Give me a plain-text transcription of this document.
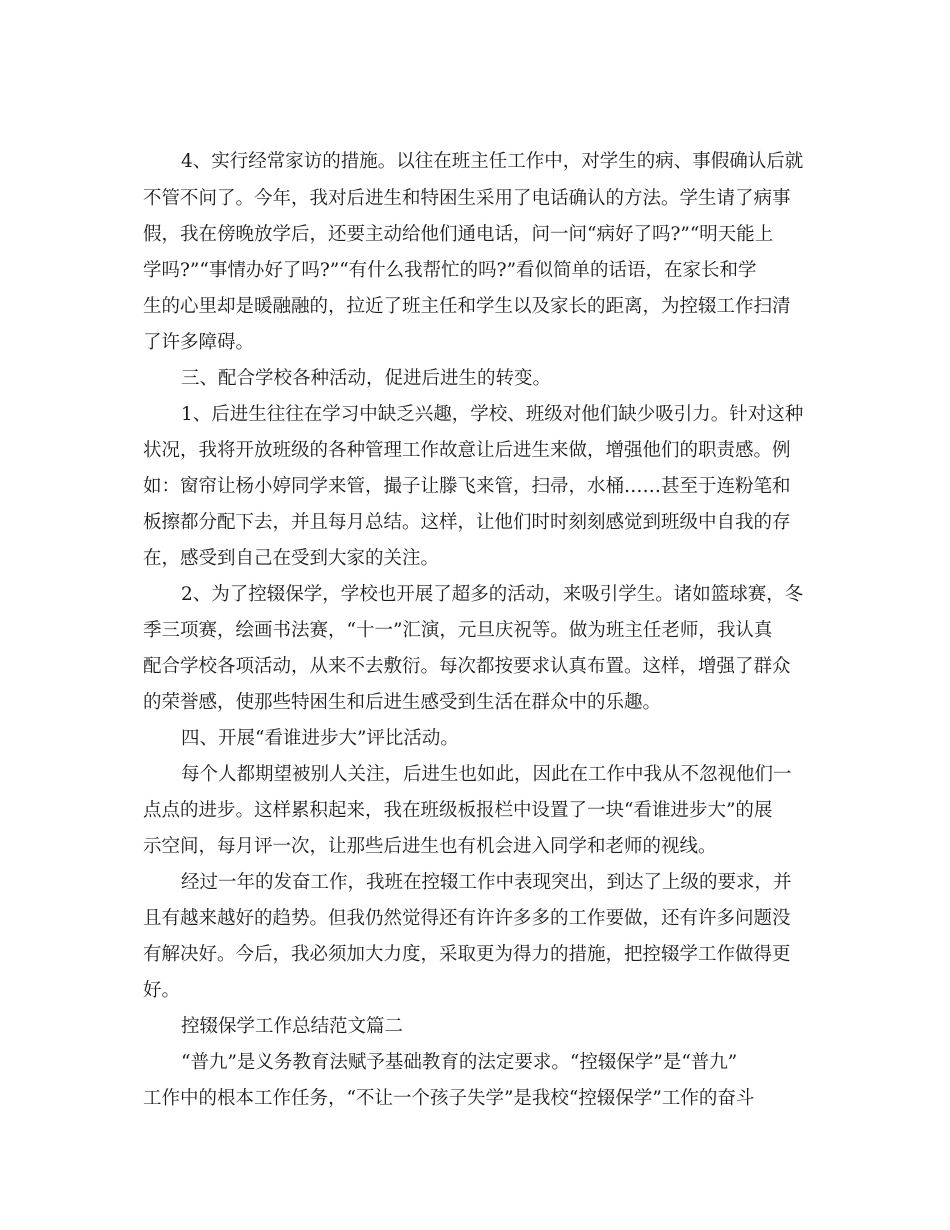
4、实行经常家访的措施。以往在班主任工作中，对学生的病、事假确认后就

不管不问了。今年，我对后进生和特困生采用了电话确认的方法。学生请了病事

假，我在傍晚放学后，还要主动给他们通电话，问一问“病好了吗?”“明天能上

学吗?”“事情办好了吗?”“有什么我帮忙的吗?”看似简单的话语，在家长和学

生的心里却是暖融融的，拉近了班主任和学生以及家长的距离，为控辍工作扫清

了许多障碍。

三、配合学校各种活动，促进后进生的转变。

1、后进生往往在学习中缺乏兴趣，学校、班级对他们缺少吸引力。针对这种

状况，我将开放班级的各种管理工作故意让后进生来做，增强他们的职责感。例

如：窗帘让杨小婷同学来管，撮子让滕飞来管，扫帚，水桶……甚至于连粉笔和

板擦都分配下去，并且每月总结。这样，让他们时时刻刻感觉到班级中自我的存

在，感受到自己在受到大家的关注。

2、为了控辍保学，学校也开展了超多的活动，来吸引学生。诸如篮球赛，冬

季三项赛，绘画书法赛，“十一”汇演，元旦庆祝等。做为班主任老师，我认真

配合学校各项活动，从来不去敷衍。每次都按要求认真布置。这样，增强了群众

的荣誉感，使那些特困生和后进生感受到生活在群众中的乐趣。

四、开展“看谁进步大”评比活动。

每个人都期望被别人关注，后进生也如此，因此在工作中我从不忽视他们一

点点的进步。这样累积起来，我在班级板报栏中设置了一块“看谁进步大”的展

示空间，每月评一次，让那些后进生也有机会进入同学和老师的视线。

经过一年的发奋工作，我班在控辍工作中表现突出，到达了上级的要求，并

且有越来越好的趋势。但我仍然觉得还有许许多多的工作要做，还有许多问题没

有解决好。今后，我必须加大力度，采取更为得力的措施，把控辍学工作做得更

好。

控辍保学工作总结范文篇二

“普九”是义务教育法赋予基础教育的法定要求。“控辍保学”是“普九”

工作中的根本工作任务，“不让一个孩子失学”是我校“控辍保学”工作的奋斗
